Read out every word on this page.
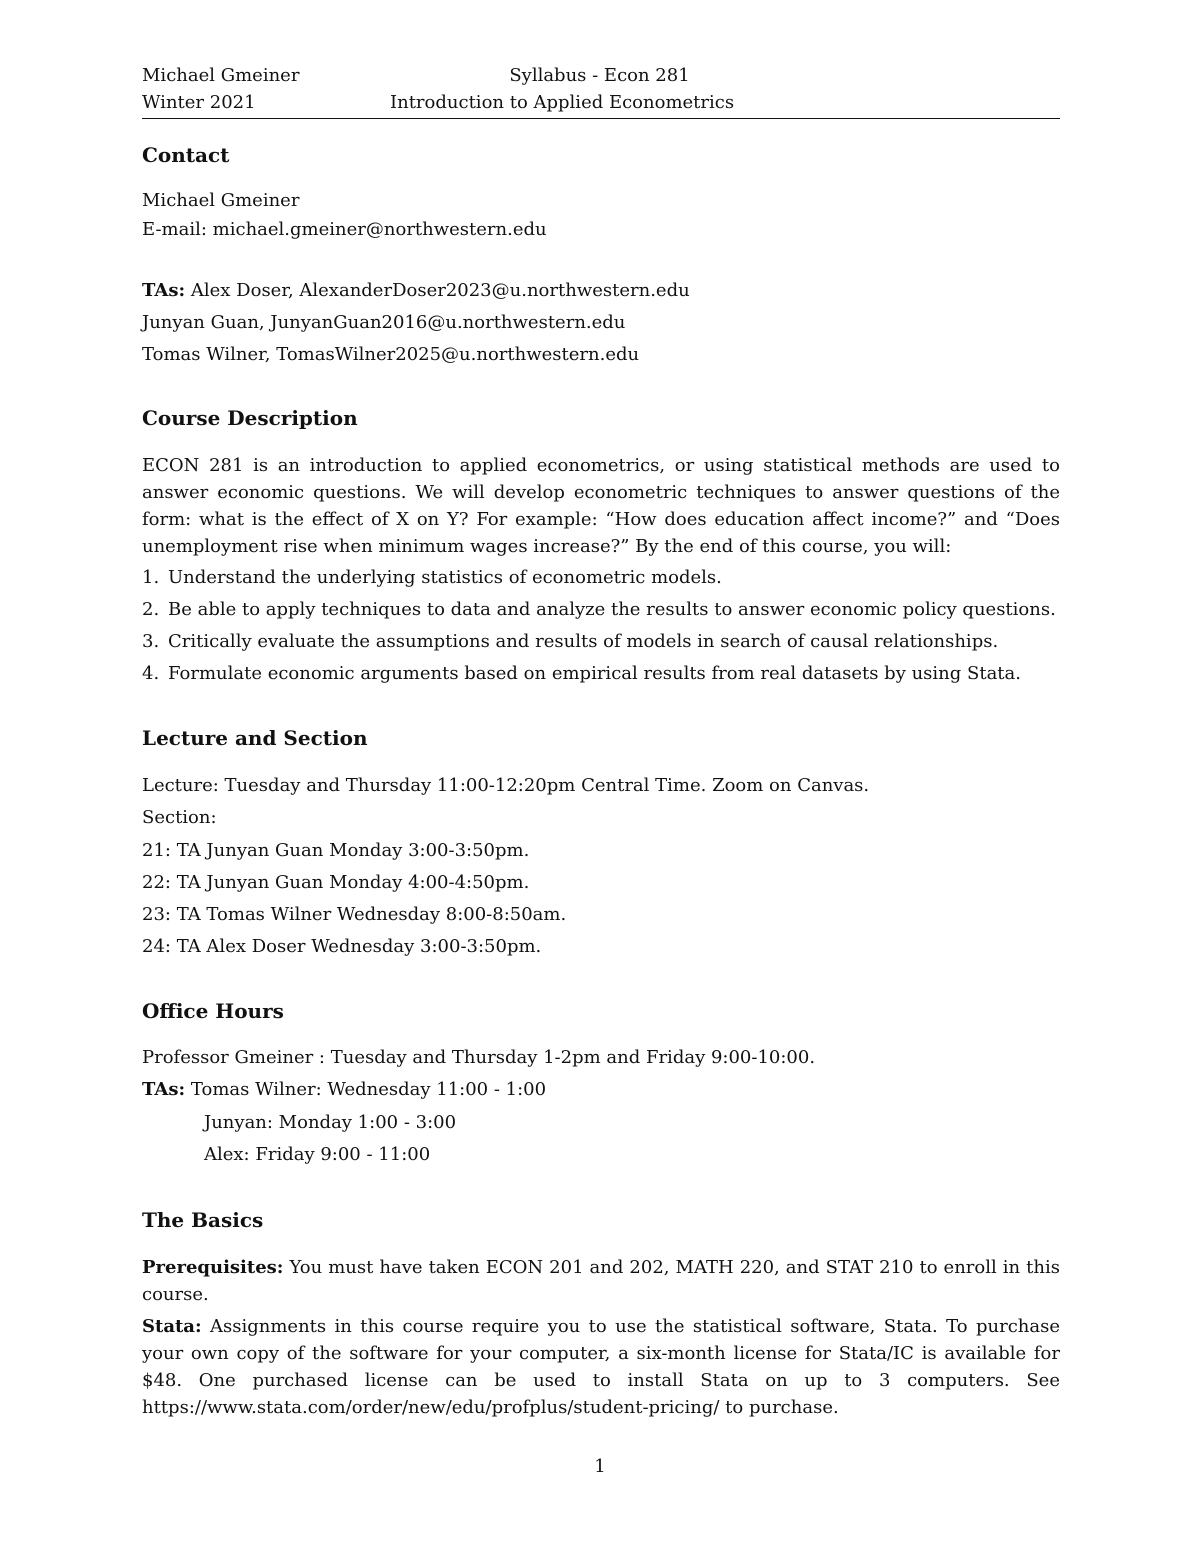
Michael Gmeiner
Winter 2021
Syllabus - Econ 281
Introduction to Applied Econometrics
Contact
Michael Gmeiner
E-mail: michael.gmeiner@northwestern.edu
TAs: Alex Doser, AlexanderDoser2023@u.northwestern.edu
Junyan Guan, JunyanGuan2016@u.northwestern.edu
Tomas Wilner, TomasWilner2025@u.northwestern.edu
Course Description
ECON 281 is an introduction to applied econometrics, or using statistical methods are used to answer economic questions. We will develop econometric techniques to answer questions of the form: what is the effect of X on Y? For example: “How does education affect income?” and “Does unemployment rise when minimum wages increase?” By the end of this course, you will:
1. Understand the underlying statistics of econometric models.
2. Be able to apply techniques to data and analyze the results to answer economic policy questions.
3. Critically evaluate the assumptions and results of models in search of causal relationships.
4. Formulate economic arguments based on empirical results from real datasets by using Stata.
Lecture and Section
Lecture: Tuesday and Thursday 11:00-12:20pm Central Time. Zoom on Canvas.
Section:
21: TA Junyan Guan Monday 3:00-3:50pm.
22: TA Junyan Guan Monday 4:00-4:50pm.
23: TA Tomas Wilner Wednesday 8:00-8:50am.
24: TA Alex Doser Wednesday 3:00-3:50pm.
Office Hours
Professor Gmeiner : Tuesday and Thursday 1-2pm and Friday 9:00-10:00.
TAs: Tomas Wilner: Wednesday 11:00 - 1:00
Junyan: Monday 1:00 - 3:00
Alex: Friday 9:00 - 11:00
The Basics
Prerequisites: You must have taken ECON 201 and 202, MATH 220, and STAT 210 to enroll in this course.
Stata: Assignments in this course require you to use the statistical software, Stata. To purchase your own copy of the software for your computer, a six-month license for Stata/IC is available for $48. One purchased license can be used to install Stata on up to 3 computers. See https://www.stata.com/order/new/edu/profplus/student-pricing/ to purchase.
1
